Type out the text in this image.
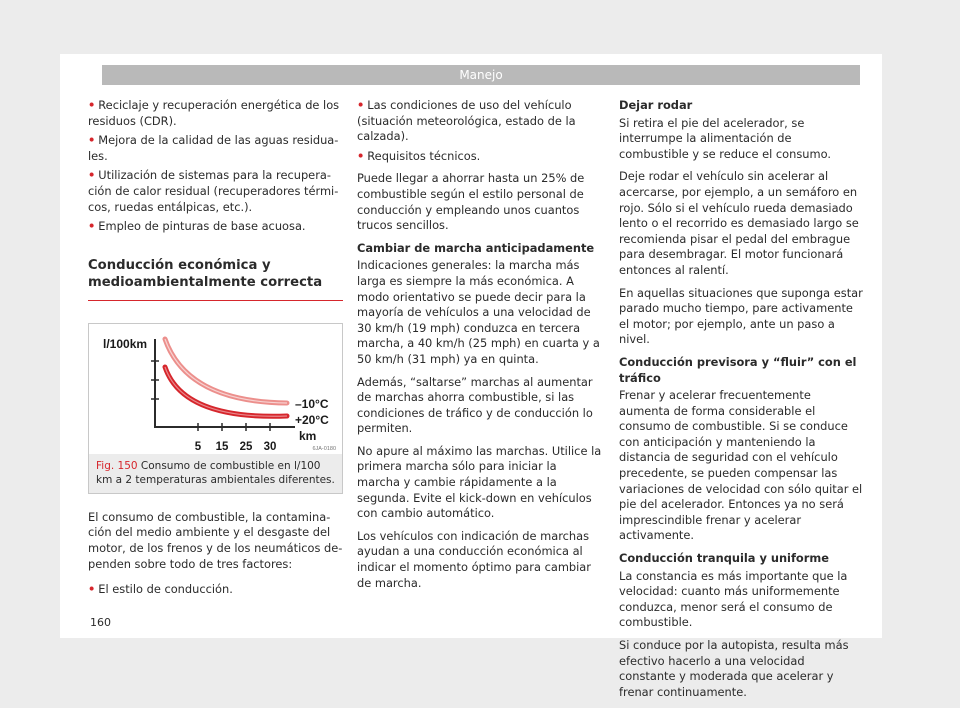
Manejo

• Reciclaje y recuperación energética de los residuos (CDR).

• Mejora de la calidad de las aguas residuales.

• Utilización de sistemas para la recuperación de calor residual (recuperadores térmicos, ruedas entálpicas, etc.).

• Empleo de pinturas de base acuosa.

Conducción económica y medioambientalmente correcta
l/100km
–10°C
+20°C
km
5 15 25 30	6JA-0180
Fig. 150 Consumo de combustible en l/100 km a 2 temperaturas ambientales diferentes.

El consumo de combustible, la contaminación del medio ambiente y el desgaste del motor, de los frenos y de los neumáticos dependen sobre todo de tres factores:

• El estilo de conducción.

• Las condiciones de uso del vehículo (situación meteorológica, estado de la calzada).

• Requisitos técnicos.

Puede llegar a ahorrar hasta un 25% de combustible según el estilo personal de conducción y empleando unos cuantos trucos sencillos.

Cambiar de marcha anticipadamente

Indicaciones generales: la marcha más larga es siempre la más económica. A modo orientativo se puede decir para la mayoría de vehículos a una velocidad de 30 km/h (19 mph) conduzca en tercera marcha, a 40 km/h (25 mph) en cuarta y a 50 km/h (31 mph) ya en quinta.

Además, “saltarse” marchas al aumentar de marchas ahorra combustible, si las condiciones de tráfico y de conducción lo permiten.

No apure al máximo las marchas. Utilice la primera marcha sólo para iniciar la marcha y cambie rápidamente a la segunda. Evite el kick-down en vehículos con cambio automático.

Los vehículos con indicación de marchas ayudan a una conducción económica al indicar el momento óptimo para cambiar de marcha.

Dejar rodar

Si retira el pie del acelerador, se interrumpe la alimentación de combustible y se reduce el consumo.

Deje rodar el vehículo sin acelerar al acercarse, por ejemplo, a un semáforo en rojo. Sólo si el vehículo rueda demasiado lento o el recorrido es demasiado largo se recomienda pisar el pedal del embrague para desembragar. El motor funcionará entonces al ralentí.

En aquellas situaciones que suponga estar parado mucho tiempo, pare activamente el motor; por ejemplo, ante un paso a nivel.

Conducción previsora y “fluir” con el tráfico

Frenar y acelerar frecuentemente aumenta de forma considerable el consumo de combustible. Si se conduce con anticipación y manteniendo la distancia de seguridad con el vehículo precedente, se pueden compensar las variaciones de velocidad con sólo quitar el pie del acelerador. Entonces ya no será imprescindible frenar y acelerar activamente.

Conducción tranquila y uniforme

La constancia es más importante que la velocidad: cuanto más uniformemente conduzca, menor será el consumo de combustible.

Si conduce por la autopista, resulta más efectivo hacerlo a una velocidad constante y moderada que acelerar y frenar continuamente.

160
